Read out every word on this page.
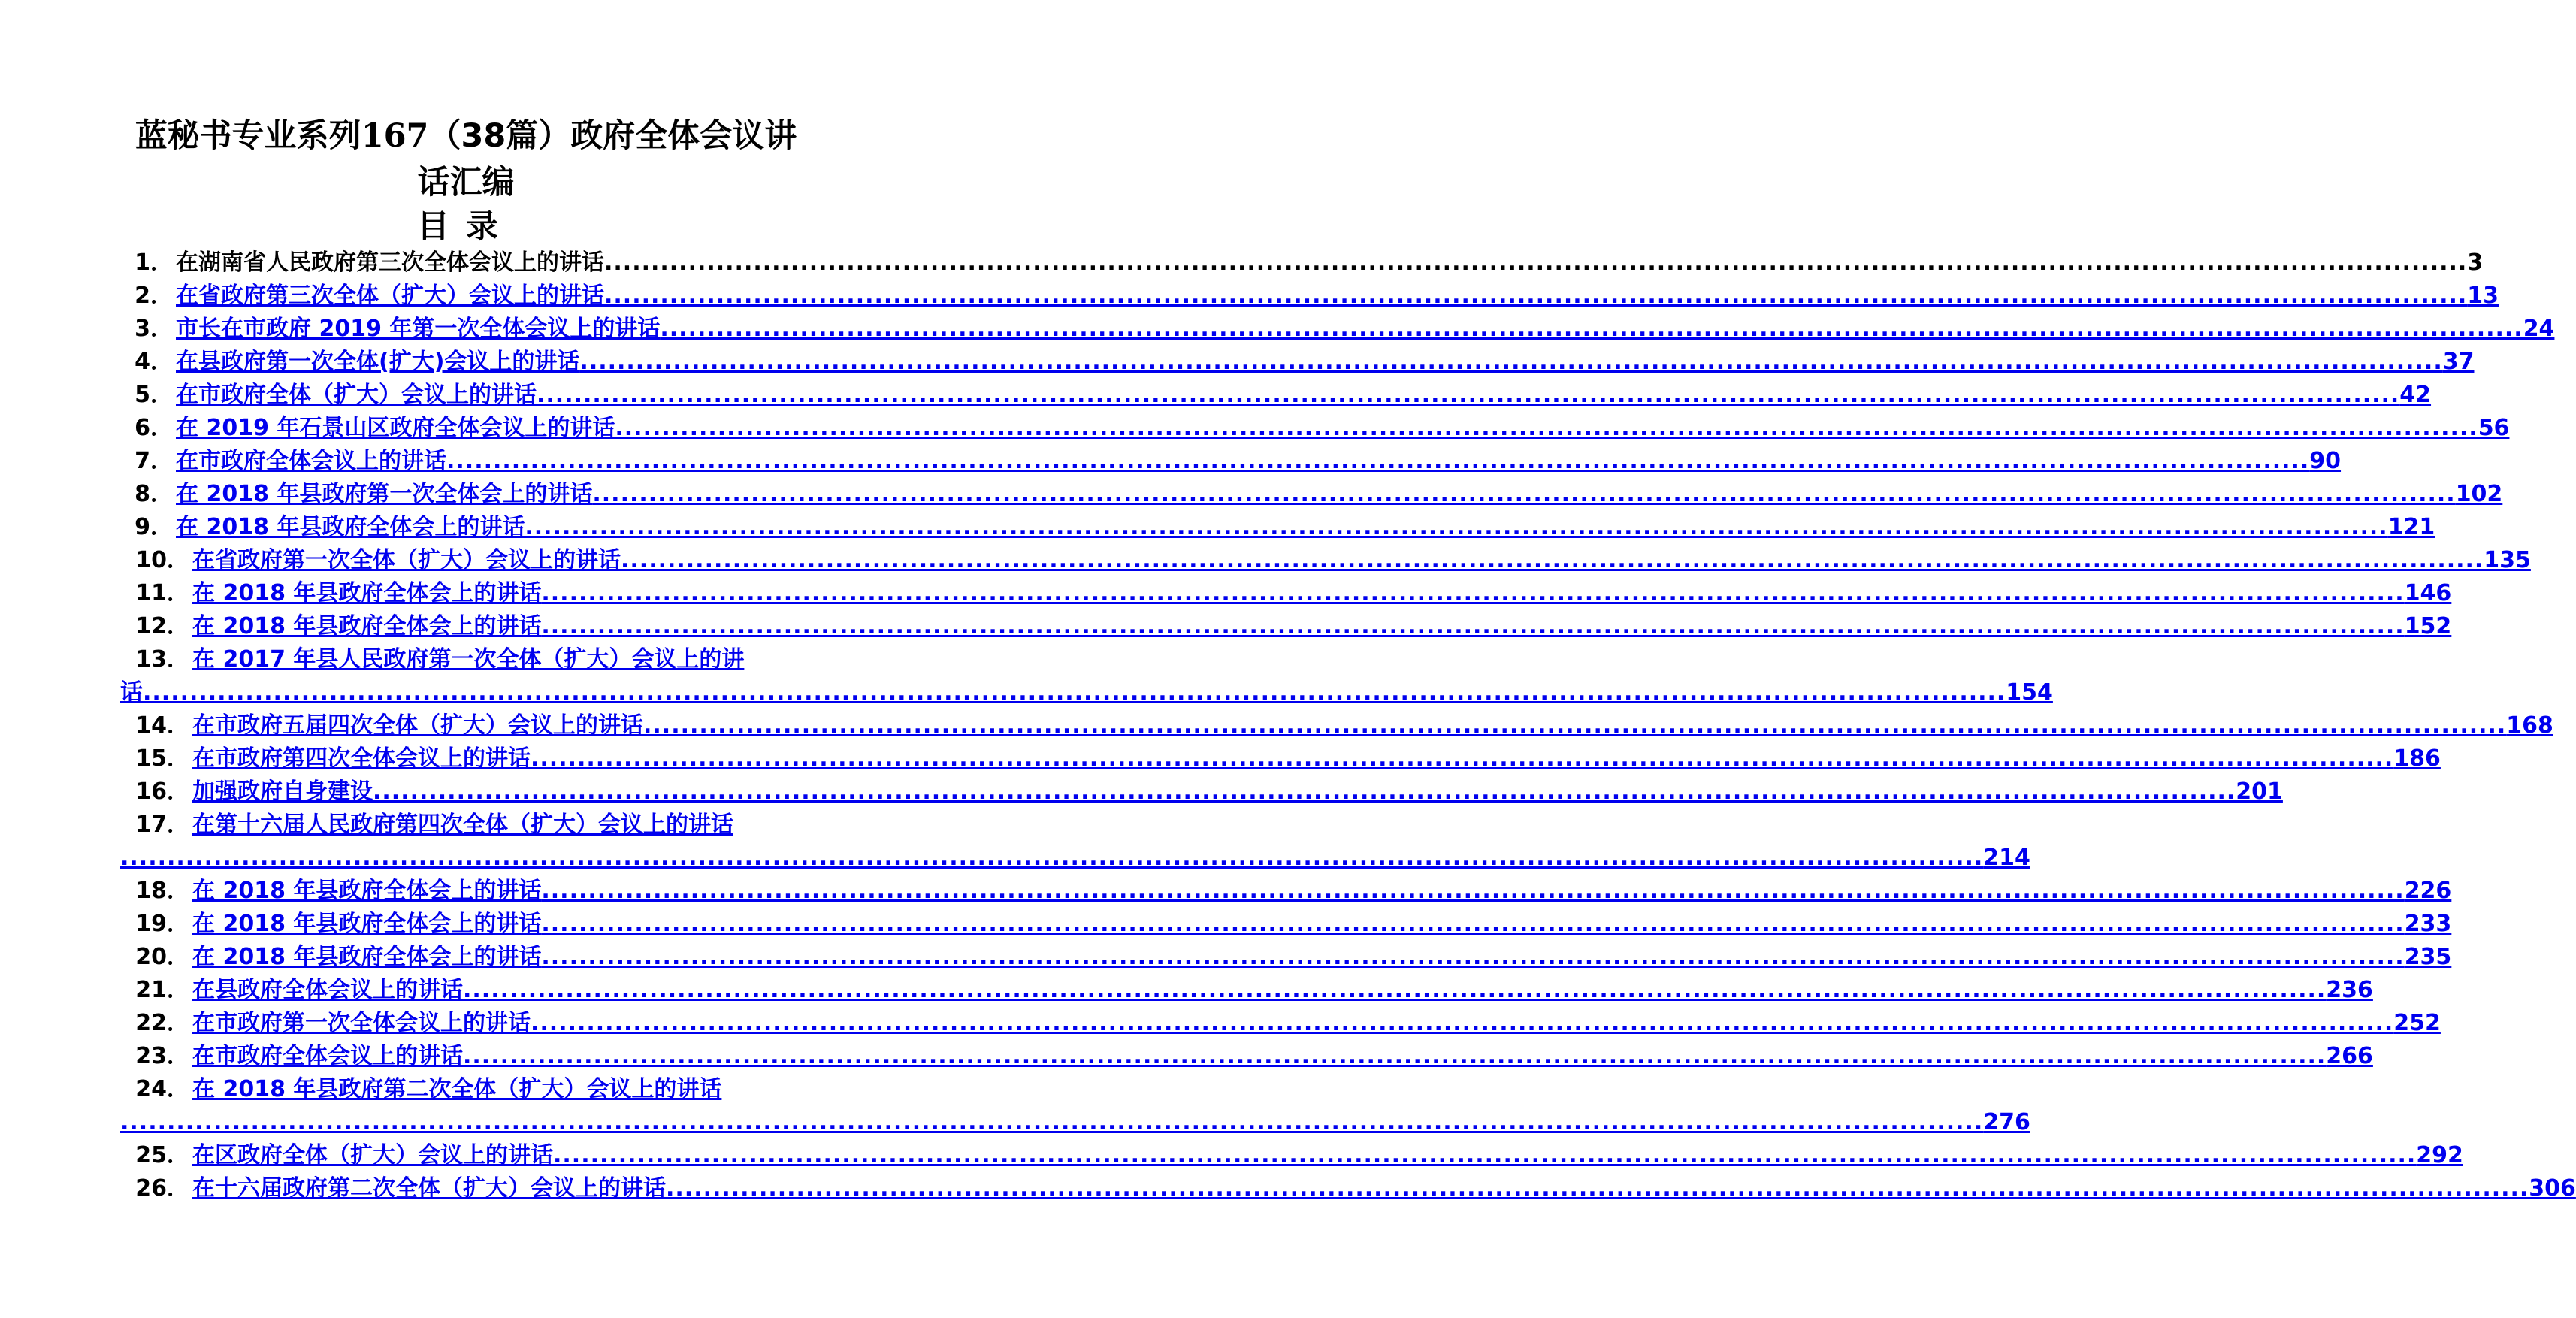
蓝秘书专业系列167（38篇）政府全体会议讲
话汇编
目录
1 ． 在湖南省人民政府第三次全体会议上的讲话 ........................................................................................................................................................................................................ 3
2 ． 在省政府第三次全体（扩大）会议上的讲话 ........................................................................................................................................................................................................ 13
3 ． 市长在市政府 2019 年第一次全体会议上的讲话 ........................................................................................................................................................................................................ 24
4 ． 在县政府第一次全体(扩大)会议上的讲话 ........................................................................................................................................................................................................ 37
5 ． 在市政府全体（扩大）会议上的讲话 ........................................................................................................................................................................................................ 42
6 ． 在 2019 年石景山区政府全体会议上的讲话 ........................................................................................................................................................................................................ 56
7 ． 在市政府全体会议上的讲话 ........................................................................................................................................................................................................ 90
8 ． 在 2018 年县政府第一次全体会上的讲话 ........................................................................................................................................................................................................ 102
9 ． 在 2018 年县政府全体会上的讲话 ........................................................................................................................................................................................................ 121
10 ． 在省政府第一次全体（扩大）会议上的讲话 ........................................................................................................................................................................................................ 135
11 ． 在 2018 年县政府全体会上的讲话 ........................................................................................................................................................................................................ 146
12 ． 在 2018 年县政府全体会上的讲话 ........................................................................................................................................................................................................ 152
13 ． 在 2017 年县人民政府第一次全体（扩大）会议上的讲
话 ........................................................................................................................................................................................................ 154
14 ． 在市政府五届四次全体（扩大）会议上的讲话 ........................................................................................................................................................................................................ 168
15 ． 在市政府第四次全体会议上的讲话 ........................................................................................................................................................................................................ 186
16 ． 加强政府自身建设 ........................................................................................................................................................................................................ 201
17 ． 在第十六届人民政府第四次全体（扩大）会议上的讲话
........................................................................................................................................................................................................ 214
18 ． 在 2018 年县政府全体会上的讲话 ........................................................................................................................................................................................................ 226
19 ． 在 2018 年县政府全体会上的讲话 ........................................................................................................................................................................................................ 233
20 ． 在 2018 年县政府全体会上的讲话 ........................................................................................................................................................................................................ 235
21 ． 在县政府全体会议上的讲话 ........................................................................................................................................................................................................ 236
22 ． 在市政府第一次全体会议上的讲话 ........................................................................................................................................................................................................ 252
23 ． 在市政府全体会议上的讲话 ........................................................................................................................................................................................................ 266
24 ． 在 2018 年县政府第二次全体（扩大）会议上的讲话
........................................................................................................................................................................................................ 276
25 ． 在区政府全体（扩大）会议上的讲话 ........................................................................................................................................................................................................ 292
26 ． 在十六届政府第二次全体（扩大）会议上的讲话 ........................................................................................................................................................................................................ 306
